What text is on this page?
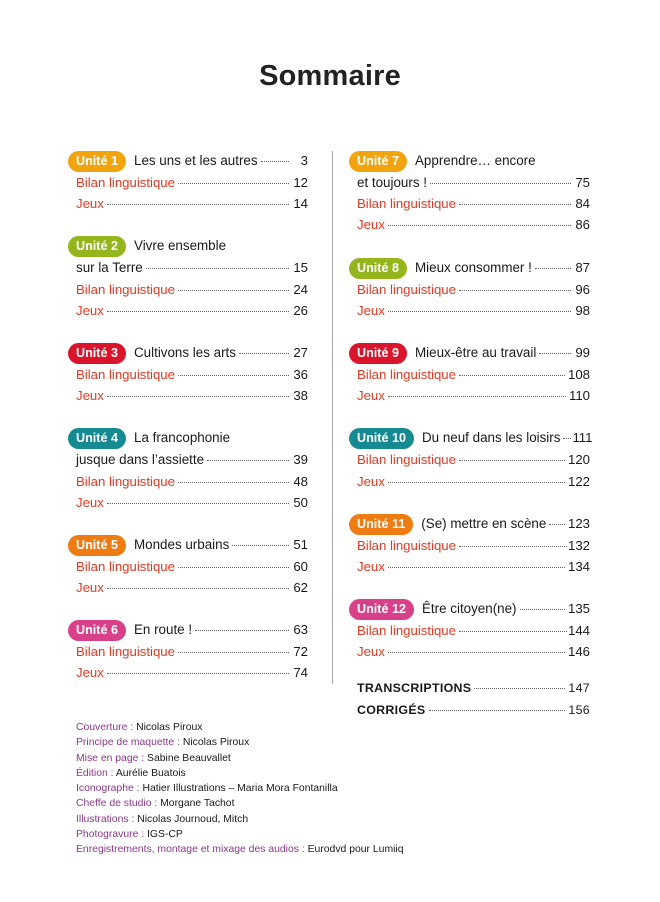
Sommaire
Unité 1	Les uns et les autres	3
Bilan linguistique	12
Jeux	14
Unité 2	Vivre ensemble
sur la Terre	15
Bilan linguistique	24
Jeux	26
Unité 3	Cultivons les arts	27
Bilan linguistique	36
Jeux	38
Unité 4	La francophonie
jusque dans l’assiette	39
Bilan linguistique	48
Jeux	50
Unité 5	Mondes urbains	51
Bilan linguistique	60
Jeux	62
Unité 6	En route !	63
Bilan linguistique	72
Jeux	74
Unité 7	Apprendre… encore
et toujours !	75
Bilan linguistique	84
Jeux	86
Unité 8	Mieux consommer !	87
Bilan linguistique	96
Jeux	98
Unité 9	Mieux-être au travail	99
Bilan linguistique	108
Jeux	110
Unité 10	Du neuf dans les loisirs 111
Bilan linguistique	120
Jeux	122
Unité 11	(Se) mettre en scène 123
Bilan linguistique	132
Jeux	134
Unité 12	Être citoyen(ne)	135
Bilan linguistique	144
Jeux	146
TRANSCRIPTIONS	147
CORRIGÉS	156
Couverture : Nicolas Piroux
Principe de maquette : Nicolas Piroux
Mise en page : Sabine Beauvallet
Édition : Aurélie Buatois
Iconographe : Hatier Illustrations – Maria Mora Fontanilla
Cheffe de studio : Morgane Tachot
Illustrations : Nicolas Journoud, Mitch
Photogravure : IGS-CP
Enregistrements, montage et mixage des audios : Eurodvd pour Lumiiq
